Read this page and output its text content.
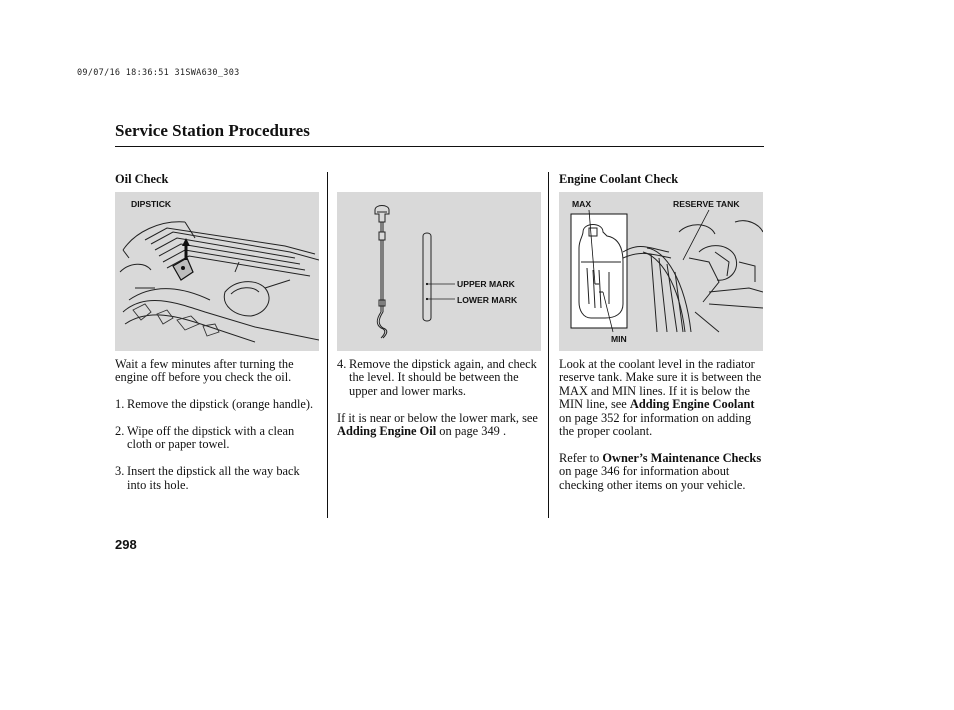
09/07/16 18:36:51 31SWA630_303
Service Station Procedures
Oil Check
DIPSTICK

Wait a few minutes after turning the engine off before you check the oil.

1. Remove the dipstick (orange handle).
2. Wipe off the dipstick with a clean cloth or paper towel.
3. Insert the dipstick all the way back into its hole.
UPPER MARK
LOWER MARK
4. Remove the dipstick again, and check the level. It should be between the upper and lower marks.

If it is near or below the lower mark, see Adding Engine Oil on page 349 .

Engine Coolant Check
MAX	RESERVE TANK
MIN

Look at the coolant level in the radiator reserve tank. Make sure it is between the MAX and MIN lines. If it is below the MIN line, see Adding Engine Coolant on page 352 for information on adding the proper coolant.

Refer to Owner’s Maintenance Checks on page 346 for information about checking other items on your vehicle.

298
